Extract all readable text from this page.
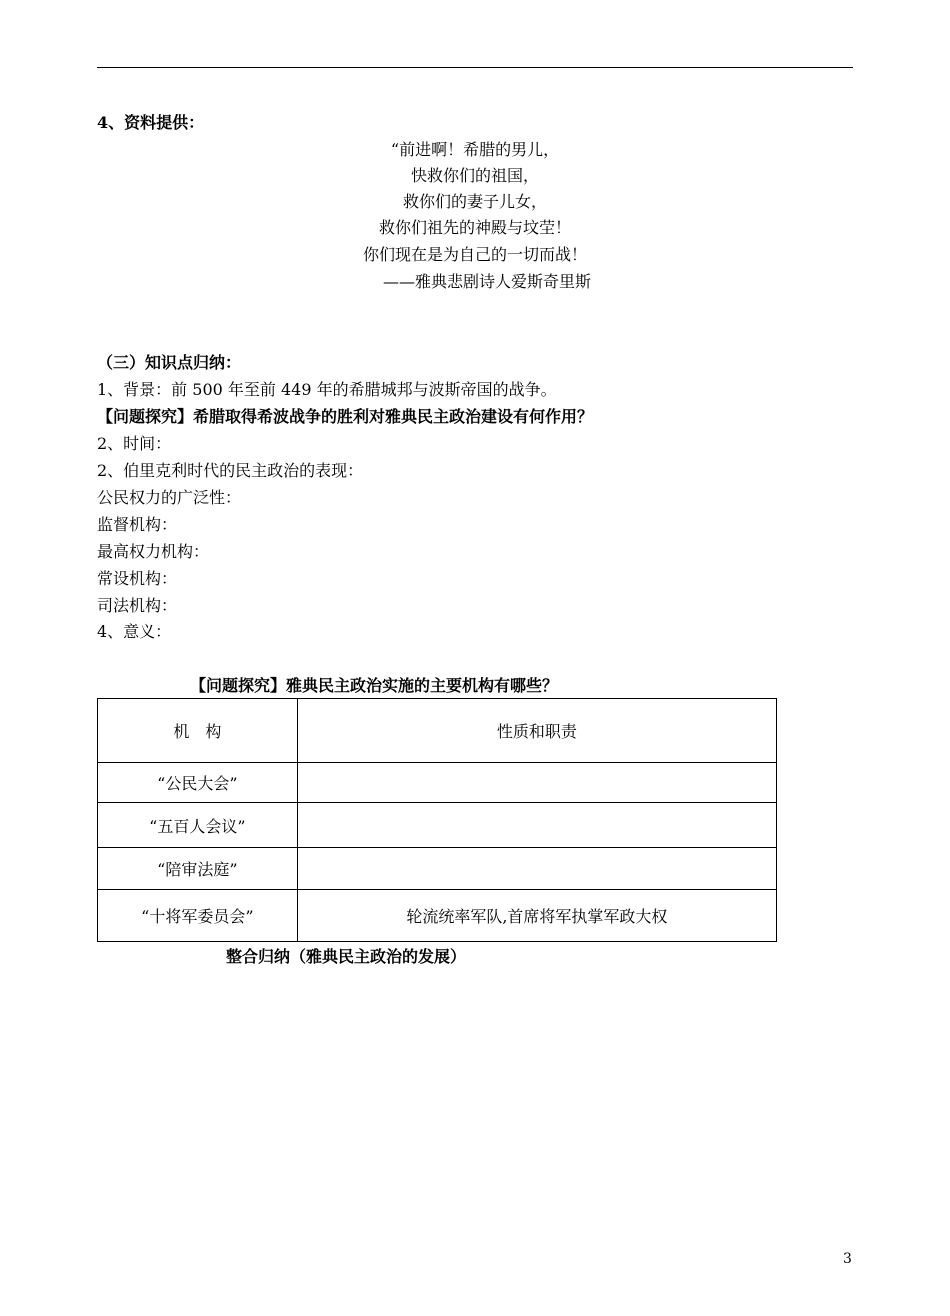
4、资料提供：
“前进啊！希腊的男儿，
快救你们的祖国，
救你们的妻子儿女，
救你们祖先的神殿与坟茔！
你们现在是为自己的一切而战！
——雅典悲剧诗人爱斯奇里斯
（三）知识点归纳：
1、背景：前 500 年至前 449 年的希腊城邦与波斯帝国的战争。
【问题探究】希腊取得希波战争的胜利对雅典民主政治建设有何作用？
2、时间：
2、伯里克利时代的民主政治的表现：
公民权力的广泛性：
监督机构：
最高权力机构：
常设机构：
司法机构：
4、意义：
【问题探究】雅典民主政治实施的主要机构有哪些？
机　构	性质和职责
“公民大会”	
“五百人会议”	
“陪审法庭”	
“十将军委员会”	轮流统率军队,首席将军执掌军政大权
整合归纳（雅典民主政治的发展）
3
